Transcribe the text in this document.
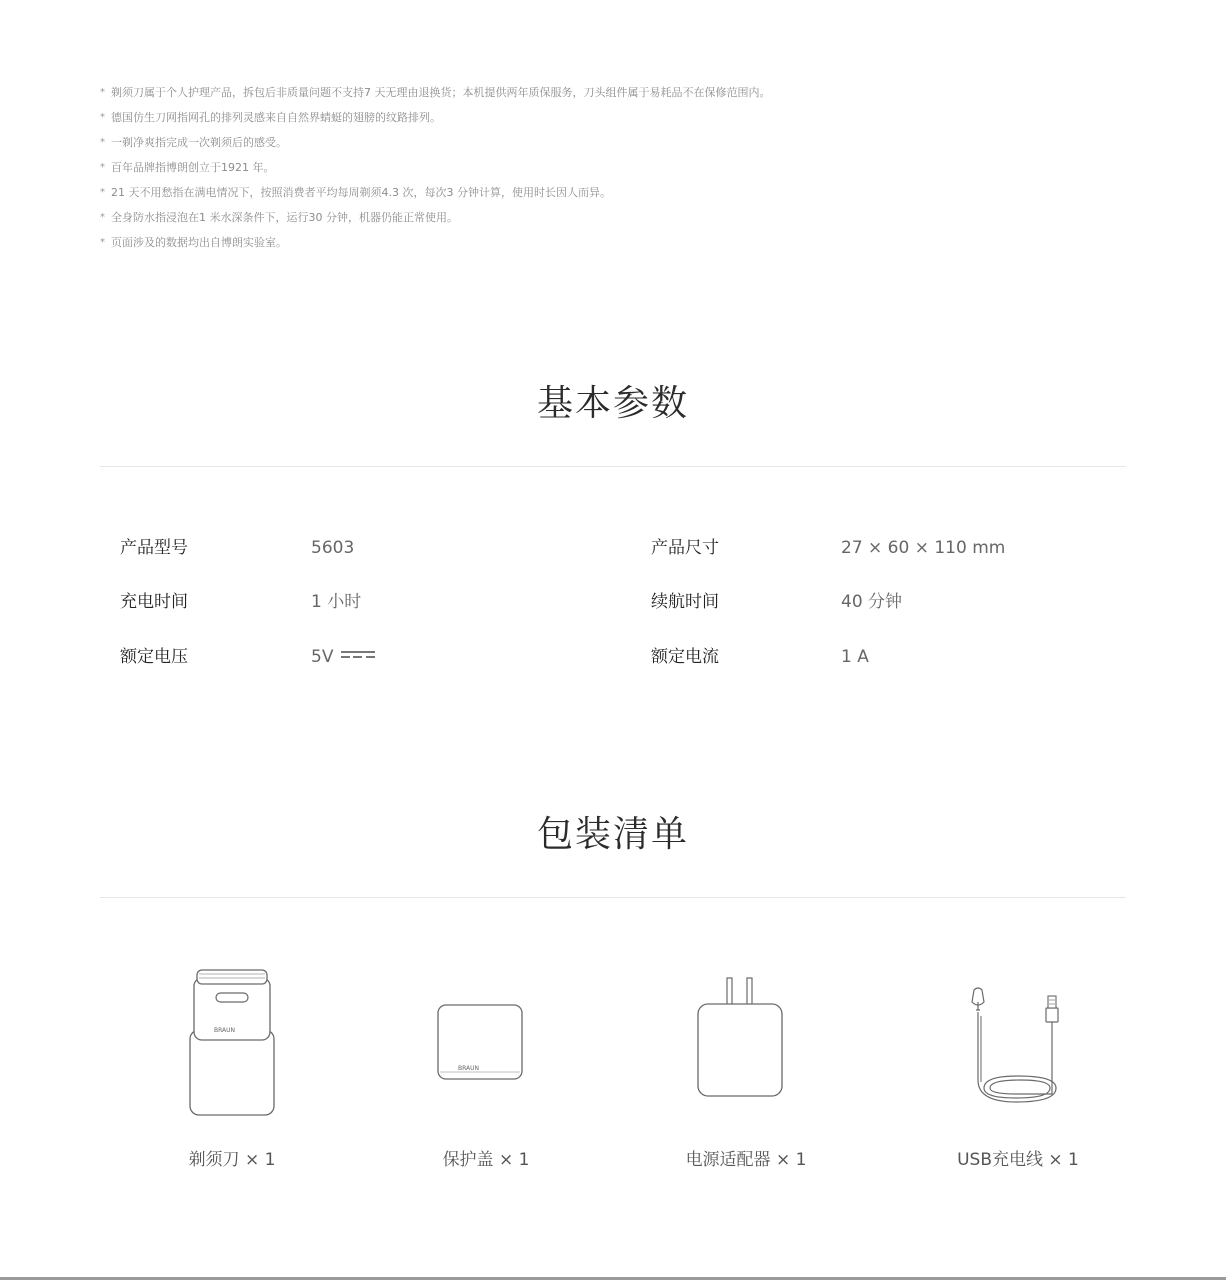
* 剃须刀属于个人护理产品，拆包后非质量问题不支持7 天无理由退换货；本机提供两年质保服务，刀头组件属于易耗品不在保修范围内。
* 德国仿生刀网指网孔的排列灵感来自自然界蜻蜓的翅膀的纹路排列。
* 一剃净爽指完成一次剃须后的感受。
* 百年品牌指博朗创立于1921 年。
* 21 天不用愁指在满电情况下，按照消费者平均每周剃须4.3 次，每次3 分钟计算，使用时长因人而异。
* 全身防水指浸泡在1 米水深条件下，运行30 分钟，机器仍能正常使用。
* 页面涉及的数据均出自博朗实验室。
基本参数
产品型号	5603	产品尺寸	27 × 60 × 110 mm
充电时间	1 小时	续航时间	40 分钟
额定电压	5V	额定电流	1 A
包装清单
BRAUN
剃须刀 × 1
BRAUN
保护盖 × 1	电源适配器 × 1	USB充电线 × 1
